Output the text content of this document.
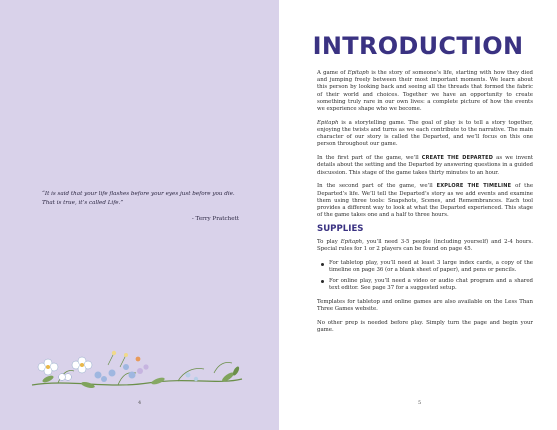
“It is said that your life flashes before your eyes just before you die.

That is true, it’s called Life.”

- Terry Pratchett
4
INTRODUCTION

A game of Epitaph is the story of someone’s life, starting with how they died and jumping freely between their most important moments. We learn about this person by looking back and seeing all the threads that formed the fabric of their world and choices. Together we have an opportunity to create something truly rare in our own lives: a complete picture of how the events we experience shape who we become.

Epitaph is a storytelling game. The goal of play is to tell a story together, enjoying the twists and turns as we each contribute to the narrative. The main character of our story is called the Departed, and we’ll focus on this one person throughout our game.

In the first part of the game, we’ll CREATE THE DEPARTED as we invent details about the setting and the Departed by answering questions in a guided discussion. This stage of the game takes thirty minutes to an hour.

In the second part of the game, we’ll EXPLORE THE TIMELINE of the Departed’s life. We’ll tell the Departed’s story as we add events and examine them using three tools: Snapshots, Scenes, and Remembrances. Each tool provides a different way to look at what the Departed experienced. This stage of the game takes one and a half to three hours.

SUPPLIES

To play Epitaph, you’ll need 3-5 people (including yourself) and 2-4 hours. Special rules for 1 or 2 players can be found on page 45.

For tabletop play, you’ll need at least 3 large index cards, a copy of the timeline on page 36 (or a blank sheet of paper), and pens or pencils.
For online play, you’ll need a video or audio chat program and a shared text editor. See page 37 for a suggested setup.

Templates for tabletop and online games are also available on the Less Than Three Games website.

No other prep is needed before play. Simply turn the page and begin your game.

5
